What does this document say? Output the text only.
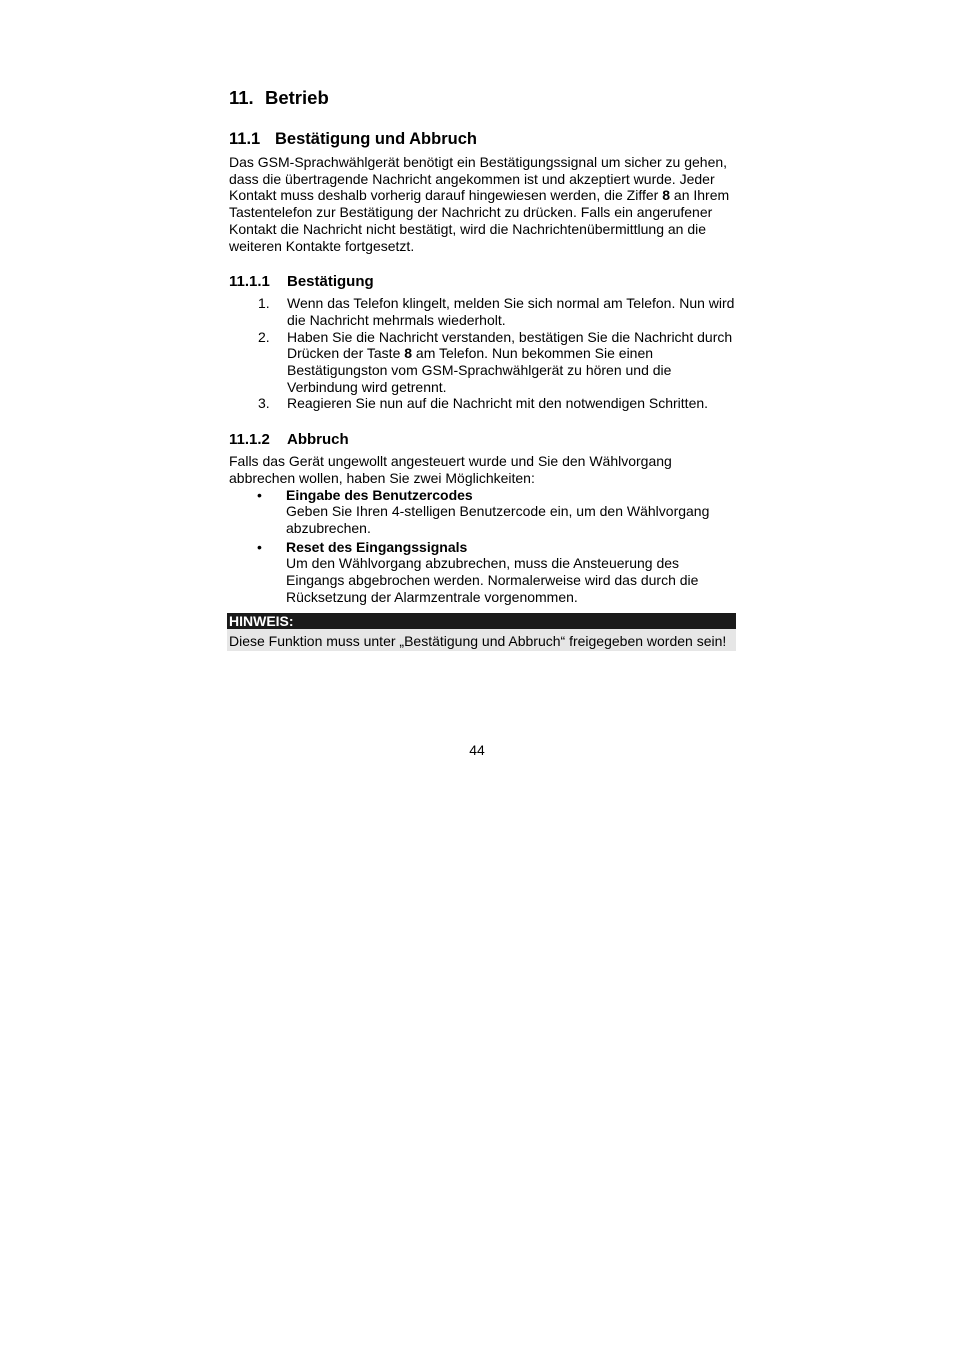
11. Betrieb
11.1 Bestätigung und Abbruch

Das GSM-Sprachwählgerät benötigt ein Bestätigungssignal um sicher zu gehen, dass die übertragende Nachricht angekommen ist und akzeptiert wurde. Jeder Kontakt muss deshalb vorherig darauf hingewiesen werden, die Ziffer 8 an Ihrem Tastentelefon zur Bestätigung der Nachricht zu drücken. Falls ein angerufener Kontakt die Nachricht nicht bestätigt, wird die Nachrichtenübermittlung an die weiteren Kontakte fortgesetzt.

11.1.1 Bestätigung
1. Wenn das Telefon klingelt, melden Sie sich normal am Telefon. Nun wird die Nachricht mehrmals wiederholt.
2. Haben Sie die Nachricht verstanden, bestätigen Sie die Nachricht durch Drücken der Taste 8 am Telefon. Nun bekommen Sie einen Bestätigungston vom GSM-Sprachwählgerät zu hören und die Verbindung wird getrennt.
3. Reagieren Sie nun auf die Nachricht mit den notwendigen Schritten.
11.1.2 Abbruch

Falls das Gerät ungewollt angesteuert wurde und Sie den Wählvorgang abbrechen wollen, haben Sie zwei Möglichkeiten:

• Eingabe des Benutzercodes
Geben Sie Ihren 4-stelligen Benutzercode ein, um den Wählvorgang abzubrechen.
• Reset des Eingangssignals
Um den Wählvorgang abzubrechen, muss die Ansteuerung des Eingangs abgebrochen werden. Normalerweise wird das durch die Rücksetzung der Alarmzentrale vorgenommen.
HINWEIS:
Diese Funktion muss unter „Bestätigung und Abbruch“ freigegeben worden sein!
44
